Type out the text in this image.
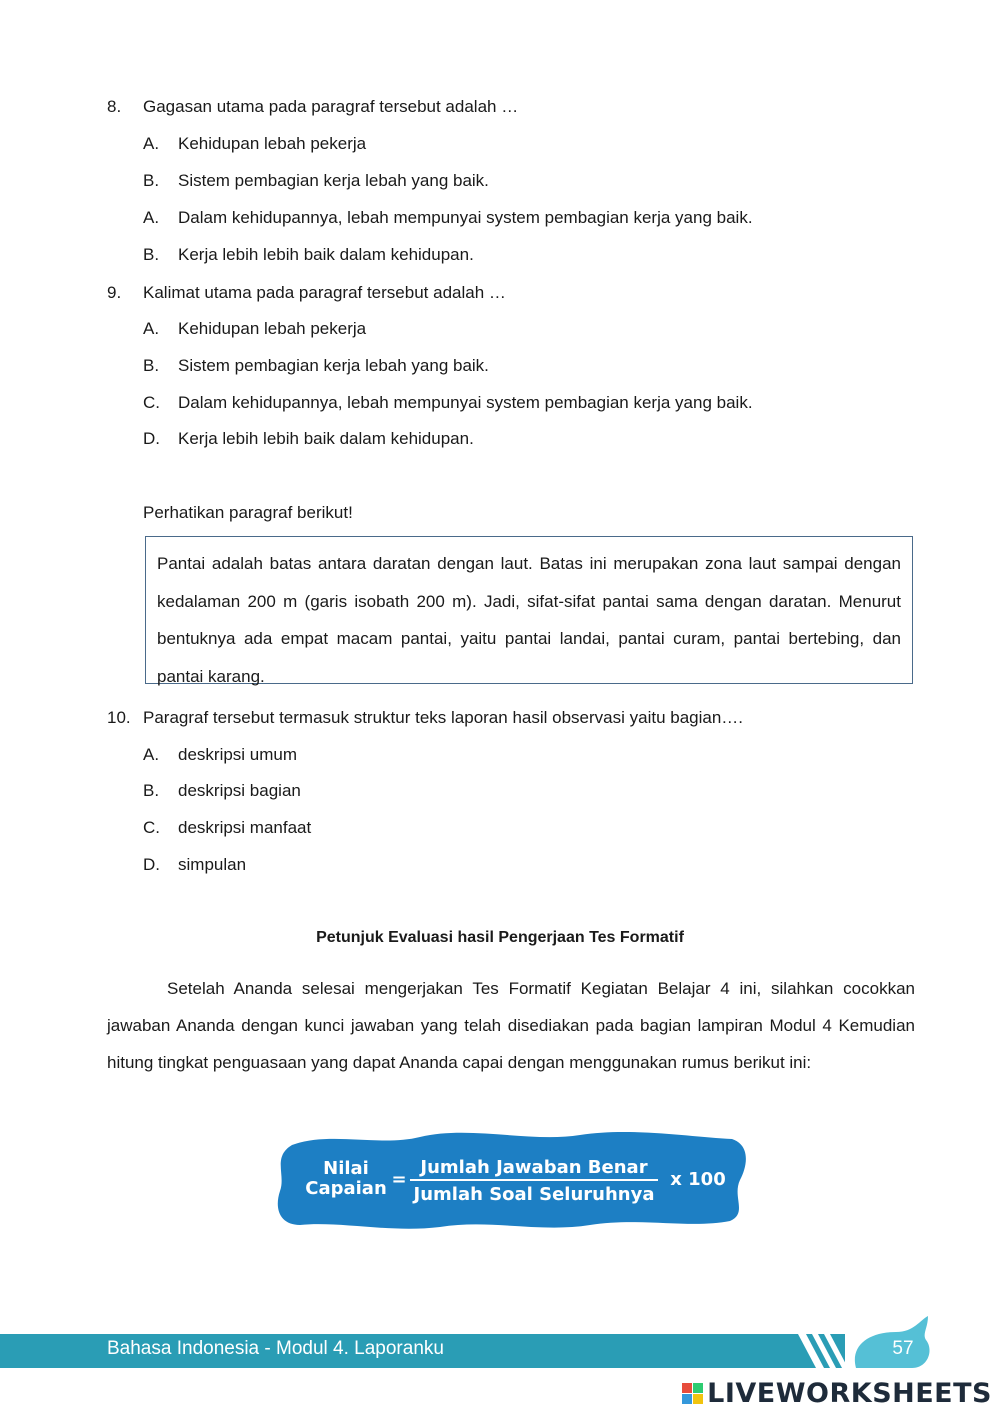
8. Gagasan utama pada paragraf tersebut adalah …
A. Kehidupan lebah pekerja
B. Sistem pembagian kerja lebah yang baik.
A. Dalam kehidupannya, lebah mempunyai system pembagian kerja yang baik.
B. Kerja lebih lebih baik dalam kehidupan.
9. Kalimat utama pada paragraf tersebut adalah …
A. Kehidupan lebah pekerja
B. Sistem pembagian kerja lebah yang baik.
C. Dalam kehidupannya, lebah mempunyai system pembagian kerja yang baik.
D. Kerja lebih lebih baik dalam kehidupan.
Perhatikan paragraf berikut!

Pantai adalah batas antara daratan dengan laut. Batas ini merupakan zona laut sampai dengan kedalaman 200 m (garis isobath 200 m). Jadi, sifat-sifat pantai sama dengan daratan. Menurut bentuknya ada empat macam pantai, yaitu pantai landai, pantai curam, pantai bertebing, dan pantai karang.

10. Paragraf tersebut termasuk struktur teks laporan hasil observasi yaitu bagian….
A. deskripsi umum
B. deskripsi bagian
C. deskripsi manfaat
D. simpulan
Petunjuk Evaluasi hasil Pengerjaan Tes Formatif

Setelah Ananda selesai mengerjakan Tes Formatif Kegiatan Belajar 4 ini, silahkan cocokkan jawaban Ananda dengan kunci jawaban yang telah disediakan pada bagian lampiran Modul 4 Kemudian hitung tingkat penguasaan yang dapat Ananda capai dengan menggunakan rumus berikut ini:

Nilai
Capaian =
Jumlah Jawaban Benar
Jumlah Soal Seluruhnya
x 100
Bahasa Indonesia - Modul 4. Laporanku	57
LIVEWORKSHEETS
